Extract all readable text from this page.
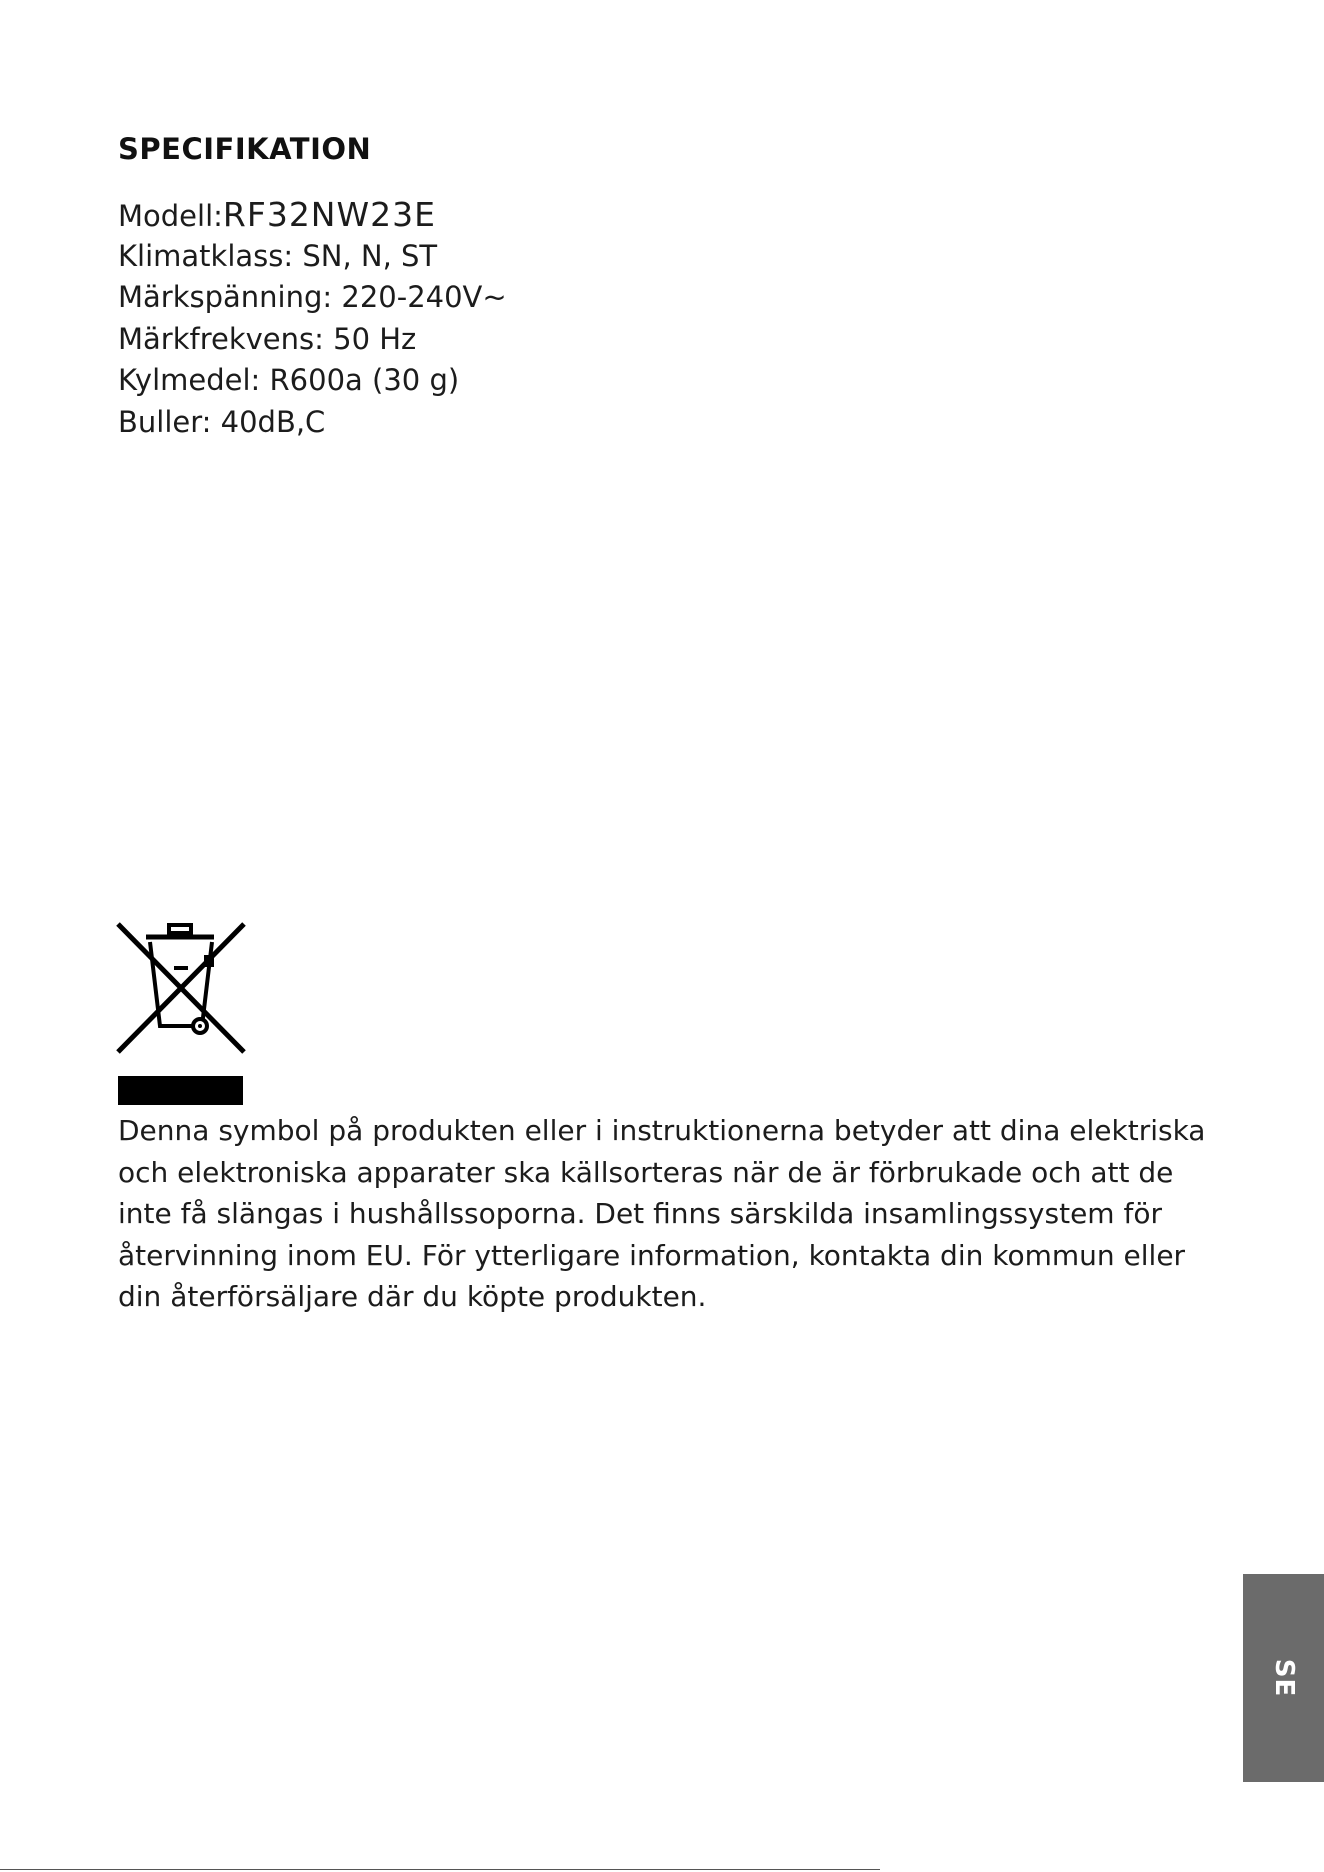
SPECIFIKATION
Modell:RF32NW23E
Klimatklass: SN, N, ST
Märkspänning: 220-240V~
Märkfrekvens: 50 Hz
Kylmedel: R600a (30 g)
Buller: 40dB,C

Denna symbol på produkten eller i instruktionerna betyder att dina elektriska
och elektroniska apparater ska källsorteras när de är förbrukade och att de
inte få slängas i hushållssoporna. Det finns särskilda insamlingssystem för
återvinning inom EU. För ytterligare information, kontakta din kommun eller
din återförsäljare där du köpte produkten.

SE
